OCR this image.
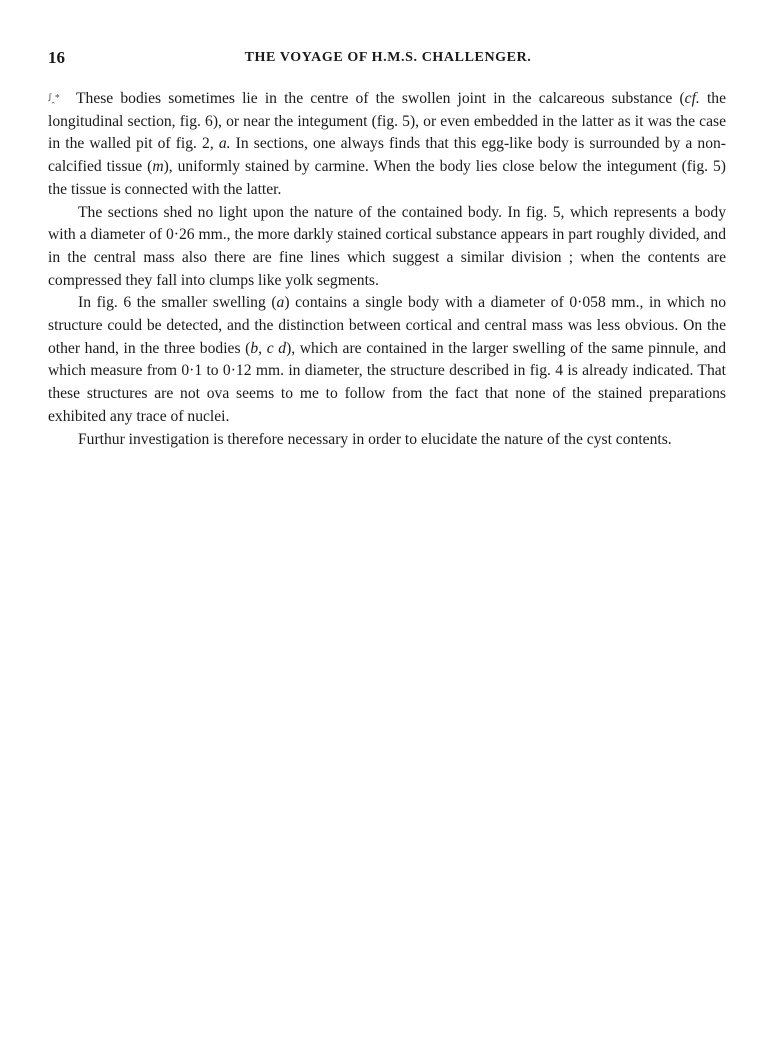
16	THE VOYAGE OF H.M.S. CHALLENGER.

ꭍꞈ* These bodies sometimes lie in the centre of the swollen joint in the calcareous substance (cf. the longitudinal section, fig. 6), or near the integument (fig. 5), or even embedded in the latter as it was the case in the walled pit of fig. 2, a. In sections, one always finds that this egg-like body is surrounded by a non-calcified tissue (m), uniformly stained by carmine. When the body lies close below the integument (fig. 5) the tissue is connected with the latter.

The sections shed no light upon the nature of the contained body. In fig. 5, which represents a body with a diameter of 0·26 mm., the more darkly stained cortical substance appears in part roughly divided, and in the central mass also there are fine lines which suggest a similar division ; when the contents are compressed they fall into clumps like yolk segments.

In fig. 6 the smaller swelling (a) contains a single body with a diameter of 0·058 mm., in which no structure could be detected, and the distinction between cortical and central mass was less obvious. On the other hand, in the three bodies (b, c d), which are contained in the larger swelling of the same pinnule, and which measure from 0·1 to 0·12 mm. in diameter, the structure described in fig. 4 is already indicated. That these structures are not ova seems to me to follow from the fact that none of the stained preparations exhibited any trace of nuclei.

Furthur investigation is therefore necessary in order to elucidate the nature of the cyst contents.
